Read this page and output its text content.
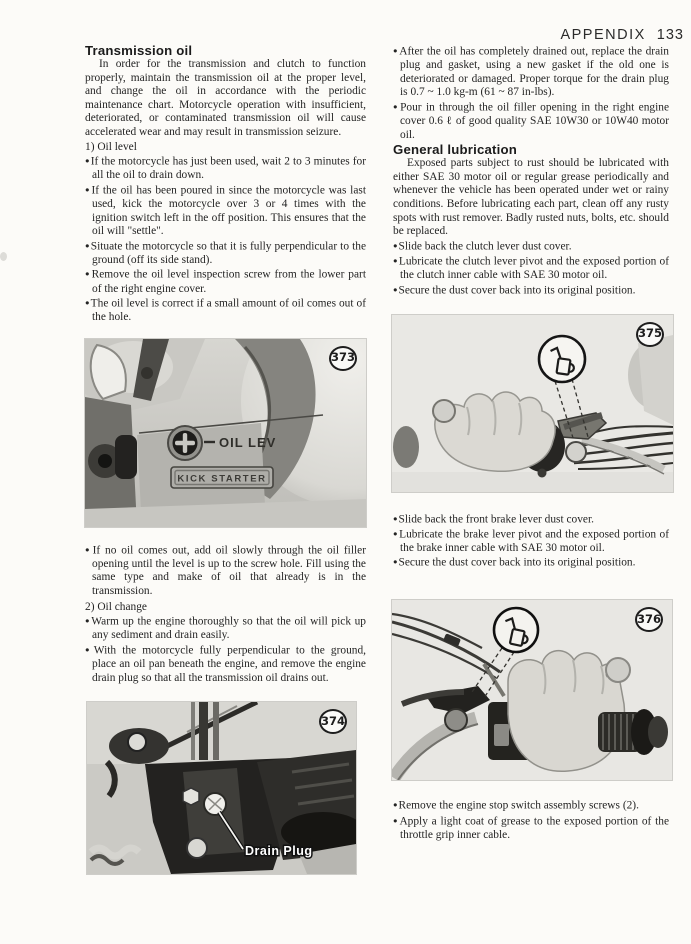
APPENDIX 133
Transmission oil

In order for the transmission and clutch to function properly, maintain the transmission oil at the proper level, and change the oil in accordance with the periodic maintenance chart. Motorcycle operation with insufficient, deteriorated, or contaminated transmission oil will cause accelerated wear and may result in transmission seizure.

1) Oil level

● If the motorcycle has just been used, wait 2 to 3 minutes for all the oil to drain down.

● If the oil has been poured in since the motorcycle was last used, kick the motorcycle over 3 or 4 times with the ignition switch left in the off position. This ensures that the oil will "settle".

● Situate the motorcycle so that it is fully perpendicular to the ground (off its side stand).

● Remove the oil level inspection screw from the lower part of the right engine cover.

● The oil level is correct if a small amount of oil comes out of the hole.

OIL LEV
KICK STARTER
373

● If no oil comes out, add oil slowly through the oil filler opening until the level is up to the screw hole. Fill using the same type and make of oil that already is in the transmission.

2) Oil change

● Warm up the engine thoroughly so that the oil will pick up any sediment and drain easily.

● With the motorcycle fully perpendicular to the ground, place an oil pan beneath the engine, and remove the engine drain plug so that all the transmission oil drains out.

Drain Plug
374

● After the oil has completely drained out, replace the drain plug and gasket, using a new gasket if the old one is deteriorated or damaged. Proper torque for the drain plug is 0.7 ~ 1.0 kg-m (61 ~ 87 in-lbs).

● Pour in through the oil filler opening in the right engine cover 0.6 ℓ of good quality SAE 10W30 or 10W40 motor oil.

General lubrication

Exposed parts subject to rust should be lubricated with either SAE 30 motor oil or regular grease periodically and whenever the vehicle has been operated under wet or rainy conditions. Before lubricating each part, clean off any rusty spots with rust remover. Badly rusted nuts, bolts, etc. should be replaced.

● Slide back the clutch lever dust cover.

● Lubricate the clutch lever pivot and the exposed portion of the clutch inner cable with SAE 30 motor oil.

● Secure the dust cover back into its original position.

375

● Slide back the front brake lever dust cover.

● Lubricate the brake lever pivot and the exposed portion of the brake inner cable with SAE 30 motor oil.

● Secure the dust cover back into its original position.

376

● Remove the engine stop switch assembly screws (2).

● Apply a light coat of grease to the exposed portion of the throttle grip inner cable.
